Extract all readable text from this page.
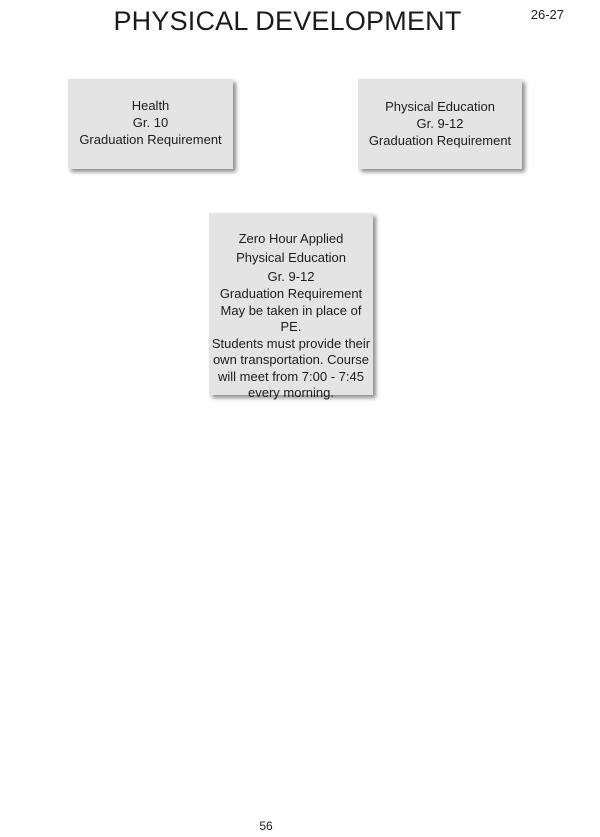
PHYSICAL DEVELOPMENT	26-27
Health
Gr. 10
Graduation Requirement
Physical Education
Gr. 9-12
Graduation Requirement
Zero Hour Applied
Physical Education
Gr. 9-12
Graduation Requirement
May be taken in place of PE.
Students must provide their
own transportation. Course
will meet from 7:00 - 7:45
every morning.
56
